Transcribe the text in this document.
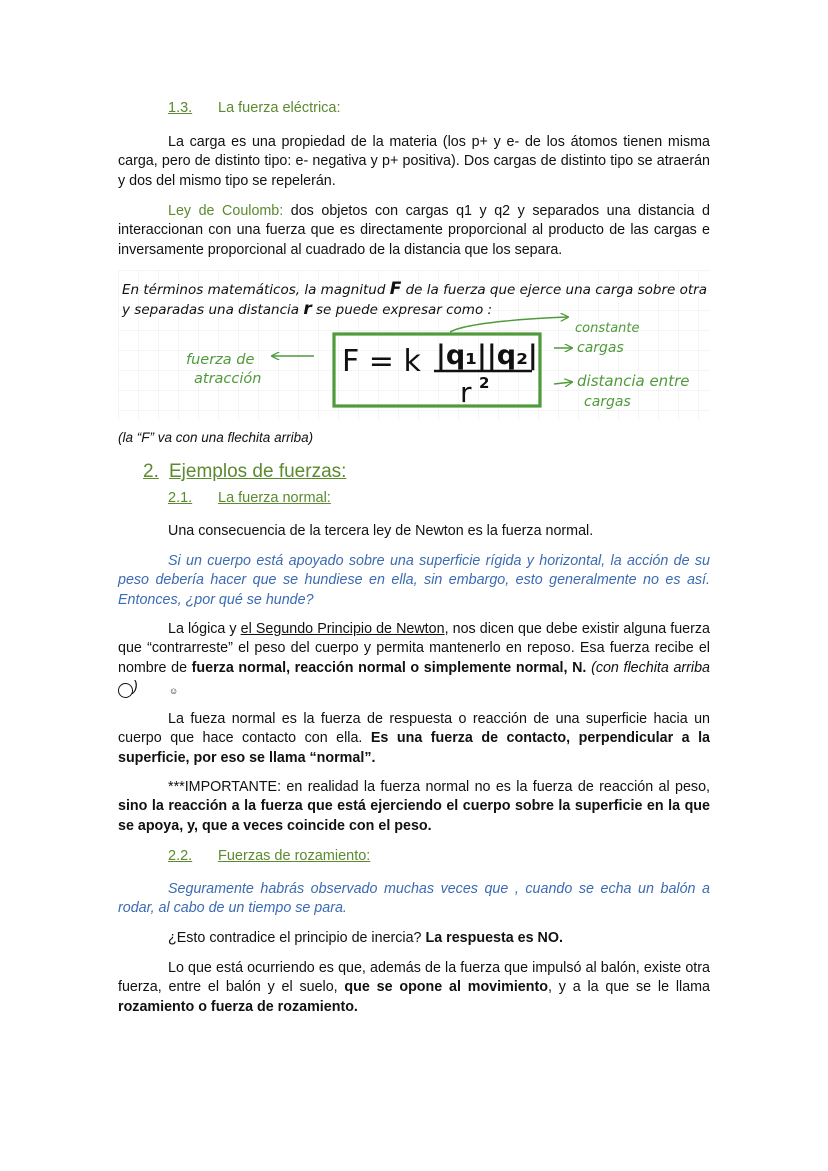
1.3. La fuerza eléctrica:

La carga es una propiedad de la materia (los p+ y e- de los átomos tienen misma carga, pero de distinto tipo: e- negativa y p+ positiva). Dos cargas de distinto tipo se atraerán y dos del mismo tipo se repelerán.

Ley de Coulomb: dos objetos con cargas q1 y q2 y separados una distancia d interaccionan con una fuerza que es directamente proporcional al producto de las cargas e inversamente proporcional al cuadrado de la distancia que los separa.

En términos matemáticos, la magnitud F de la fuerza que ejerce una carga sobre otra
y separadas una distancia r se puede expresar como :
F = k |q₁||q₂|
r 2
fuerza de
atracción
constante
cargas
distancia entre
cargas
(la “F” va con una flechita arriba)
2. Ejemplos de fuerzas:
2.1. La fuerza normal:

Una consecuencia de la tercera ley de Newton es la fuerza normal.

Si un cuerpo está apoyado sobre una superficie rígida y horizontal, la acción de su peso debería hacer que se hundiese en ella, sin embargo, esto generalmente no es así. Entonces, ¿por qué se hunde?

La lógica y el Segundo Principio de Newton, nos dicen que debe existir alguna fuerza que “contrarreste” el peso del cuerpo y permita mantenerlo en reposo. Esa fuerza recibe el nombre de fuerza normal, reacción normal o simplemente normal, N. (con flechita arriba ☺)

La fueza normal es la fuerza de respuesta o reacción de una superficie hacia un cuerpo que hace contacto con ella. Es una fuerza de contacto, perpendicular a la superficie, por eso se llama “normal”.

***IMPORTANTE: en realidad la fuerza normal no es la fuerza de reacción al peso, sino la reacción a la fuerza que está ejerciendo el cuerpo sobre la superficie en la que se apoya, y, que a veces coincide con el peso.

2.2. Fuerzas de rozamiento:

Seguramente habrás observado muchas veces que , cuando se echa un balón a rodar, al cabo de un tiempo se para.

¿Esto contradice el principio de inercia? La respuesta es NO.

Lo que está ocurriendo es que, además de la fuerza que impulsó al balón, existe otra fuerza, entre el balón y el suelo, que se opone al movimiento, y a la que se le llama rozamiento o fuerza de rozamiento.
